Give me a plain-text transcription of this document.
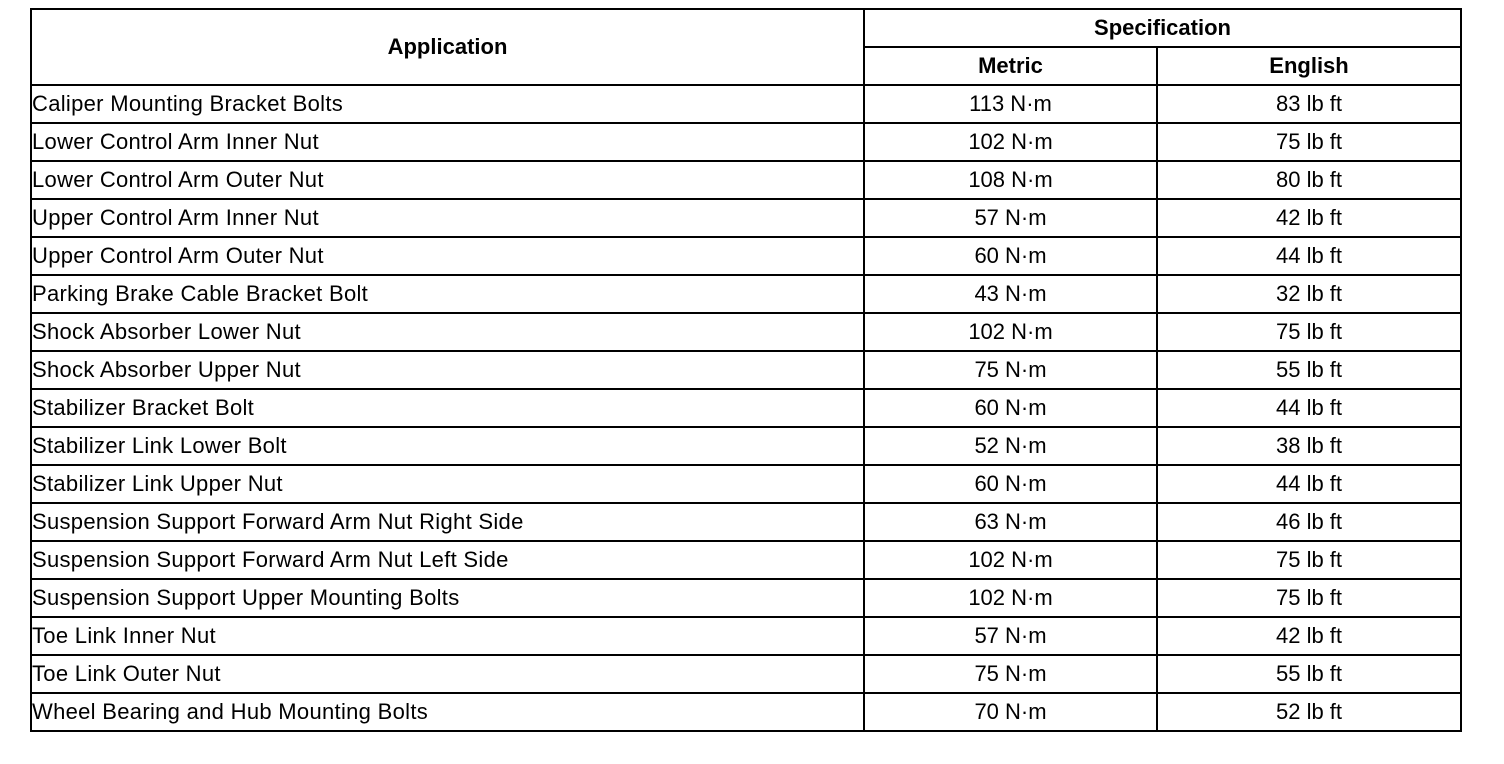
Application	Specification	
	Metric	English
Caliper Mounting Bracket Bolts	113 N·m	83 lb ft
Lower Control Arm Inner Nut	102 N·m	75 lb ft
Lower Control Arm Outer Nut	108 N·m	80 lb ft
Upper Control Arm Inner Nut	57 N·m	42 lb ft
Upper Control Arm Outer Nut	60 N·m	44 lb ft
Parking Brake Cable Bracket Bolt	43 N·m	32 lb ft
Shock Absorber Lower Nut	102 N·m	75 lb ft
Shock Absorber Upper Nut	75 N·m	55 lb ft
Stabilizer Bracket Bolt	60 N·m	44 lb ft
Stabilizer Link Lower Bolt	52 N·m	38 lb ft
Stabilizer Link Upper Nut	60 N·m	44 lb ft
Suspension Support Forward Arm Nut Right Side	63 N·m	46 lb ft
Suspension Support Forward Arm Nut Left Side	102 N·m	75 lb ft
Suspension Support Upper Mounting Bolts	102 N·m	75 lb ft
Toe Link Inner Nut	57 N·m	42 lb ft
Toe Link Outer Nut	75 N·m	55 lb ft
Wheel Bearing and Hub Mounting Bolts	70 N·m	52 lb ft
